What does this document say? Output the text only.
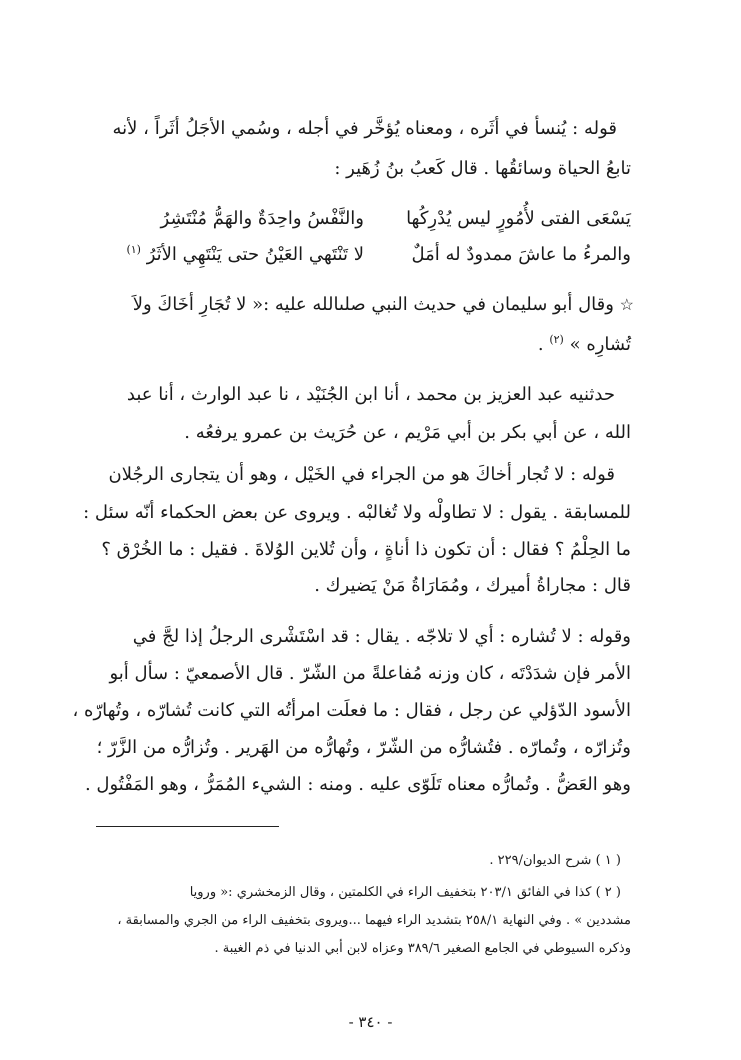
قوله : يُنسأ في أثَره ، ومعناه يُؤخَّر في أجله ، وسُمي الأجَلُ أثَراً ، لأنه
تابعُ الحياة وسائقُها . قال كَعبُ بنُ زُهَير :
يَسْعَى الفتى لأُمُورٍ ليس يُدْرِكُها
والنَّفْسُ واحِدَةٌ والهَمُّ مُنْتَشِرُ
والمرءُ ما عاشَ ممدودٌ له أمَلٌ
لا تَنْتَهي العَيْنُ حتى يَنْتَهِي الأثَرُ $^{(١)}$
☆ وقال أبو سليمان في حديث النبي صلىالله عليه :« لا تُجَارِ أخَاكَ ولاَ
تُشارِه » $^{(٢)}$ .
حدثنيه عبد العزيز بن محمد ، أنا ابن الجُنَيْد ، نا عبد الوارث ، أنا عبد
الله ، عن أبي بكر بن أبي مَرْيم ، عن حُرَيث بن عمرو يرفعُه .
قوله : لا تُجار أخاكَ هو من الجراء في الخَيْل ، وهو أن يتجارى الرجُلان
للمسابقة . يقول : لا تطاولْه ولا تُغالبْه . ويروى عن بعض الحكماء أنّه سئل :
ما الحِلْمُ ؟ فقال : أن تكون ذا أناةٍ ، وأن تُلاين الوُلاةَ . فقيل : ما الخُرْق ؟
قال : مجاراةُ أميرك ، ومُمَارَاةُ مَنْ يَضيرك .
وقوله : لا تُشاره : أي لا تلاجّه . يقال : قد اسْتَشْرى الرجلُ إذا لجَّ في
الأمر فإن شدَدْتَه ، كان وزنه مُفاعلةً من الشّرّ . قال الأصمعيّ : سأل أبو
الأسود الدّؤلي عن رجل ، فقال : ما فعلَت امرأتُه التي كانت تُشارّه ، وتُهارّه ،
وتُزارّه ، وتُمارّه . فتُشارُّه من الشّرّ ، وتُهارُّه من الهَرير . وتُزارُّه من الزَّرّ ؛
وهو العَضُّ . وتُمارُّه معناه تَلَوّى عليه . ومنه : الشيء المُمَرُّ ، وهو المَفْتُول .
( ١ ) شرح الديوان/٢٢٩ .
( ٢ ) كذا في الفائق ٢٠٣/١ بتخفيف الراء في الكلمتين ، وقال الزمخشري :« ورويا
مشددين » . وفي النهاية ٢٥٨/١ بتشديد الراء فيهما ...ويروى بتخفيف الراء من الجري والمسابقة ،
وذكره السيوطي في الجامع الصغير ٣٨٩/٦ وعزاه لابن أبي الدنيا في ذم الغيبة .
- ٣٤٠ -
